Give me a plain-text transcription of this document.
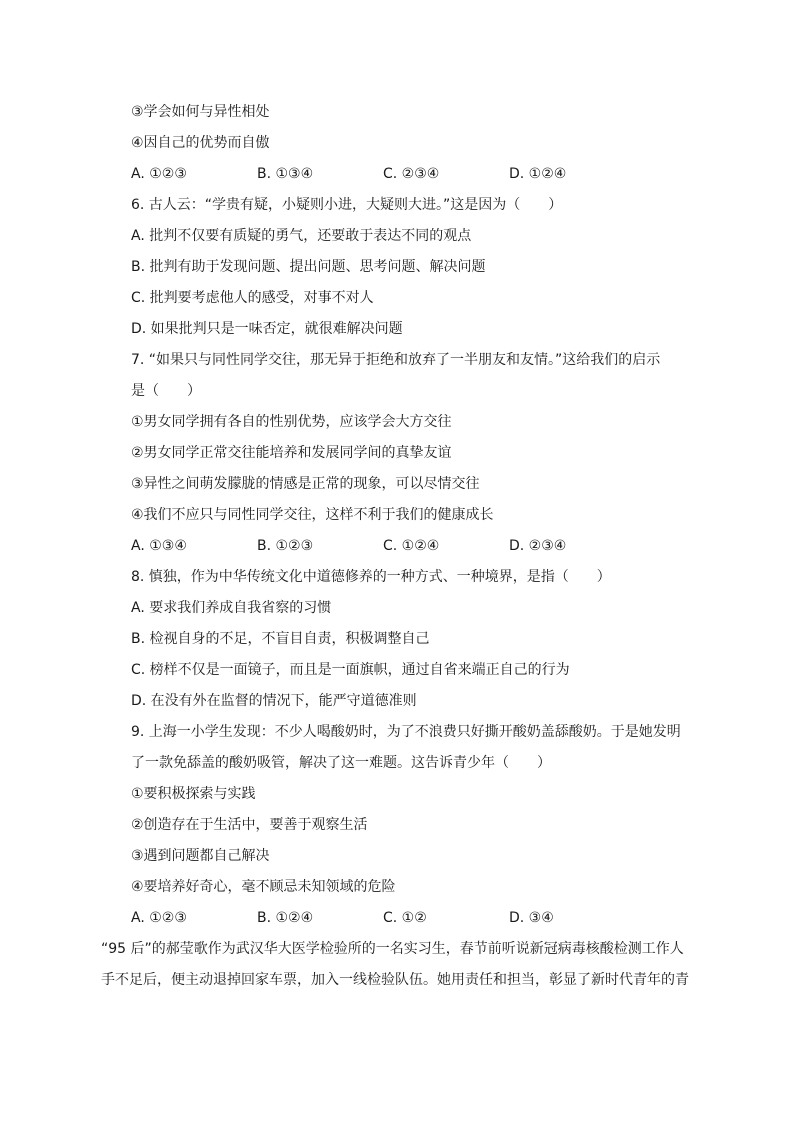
③学会如何与异性相处
④因自己的优势而自傲
A. ①②③	B. ①③④	C. ②③④	D. ①②④
6. 古人云：“学贵有疑，小疑则小进，大疑则大进。”这是因为（　　）
A. 批判不仅要有质疑的勇气，还要敢于表达不同的观点
B. 批判有助于发现问题、提出问题、思考问题、解决问题
C. 批判要考虑他人的感受，对事不对人
D. 如果批判只是一味否定，就很难解决问题
7. “如果只与同性同学交往，那无异于拒绝和放弃了一半朋友和友情。”这给我们的启示
是（　　）
①男女同学拥有各自的性别优势，应该学会大方交往
②男女同学正常交往能培养和发展同学间的真挚友谊
③异性之间萌发朦胧的情感是正常的现象，可以尽情交往
④我们不应只与同性同学交往，这样不利于我们的健康成长
A. ①③④	B. ①②③	C. ①②④	D. ②③④
8. 慎独，作为中华传统文化中道德修养的一种方式、一种境界，是指（　　）
A. 要求我们养成自我省察的习惯
B. 检视自身的不足，不盲目自责，积极调整自己
C. 榜样不仅是一面镜子，而且是一面旗帜，通过自省来端正自己的行为
D. 在没有外在监督的情况下，能严守道德准则
9. 上海一小学生发现：不少人喝酸奶时，为了不浪费只好撕开酸奶盖舔酸奶。于是她发明
了一款免舔盖的酸奶吸管，解决了这一难题。这告诉青少年（　　）
①要积极探索与实践
②创造存在于生活中，要善于观察生活
③遇到问题都自己解决
④要培养好奇心，毫不顾忌未知领域的危险
A. ①②③	B. ①②④	C. ①②	D. ③④
“95 后”的郝莹歌作为武汉华大医学检验所的一名实习生，春节前听说新冠病毒核酸检测工作人
手不足后，便主动退掉回家车票，加入一线检验队伍。她用责任和担当，彰显了新时代青年的青
